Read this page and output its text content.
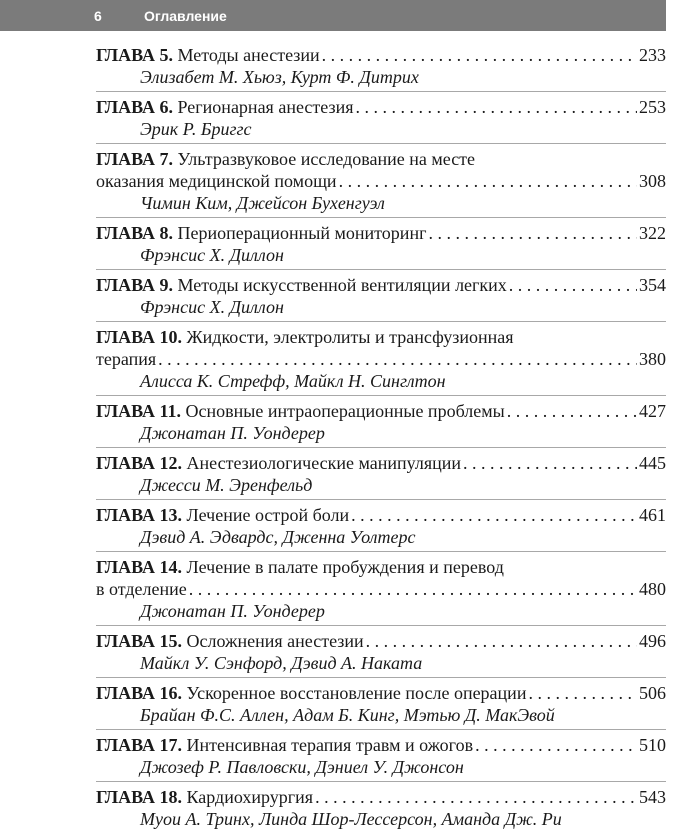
6	Оглавление
ГЛАВА 5. Методы анестезии . . .	233
Элизабет М. Хьюз, Курт Ф. Дитрих
ГЛАВА 6. Регионарная анестезия . . .	253
Эрик Р. Бриггс
ГЛАВА 7. Ультразвуковое исследование на месте
оказания медицинской помощи . . .	308
Чимин Ким, Джейсон Бухенгуэл
ГЛАВА 8. Периоперационный мониторинг . . .	322
Фрэнсис Х. Диллон
ГЛАВА 9. Методы искусственной вентиляции легких . . .	354
Фрэнсис Х. Диллон
ГЛАВА 10. Жидкости, электролиты и трансфузионная
терапия . . .	380
Алисса К. Стрефф, Майкл Н. Синглтон
ГЛАВА 11. Основные интраоперационные проблемы . . .	427
Джонатан П. Уондерер
ГЛАВА 12. Анестезиологические манипуляции . . .	445
Джесси М. Эренфельд
ГЛАВА 13. Лечение острой боли . . .	461
Дэвид А. Эдвардс, Дженна Уолтерс
ГЛАВА 14. Лечение в палате пробуждения и перевод
в отделение . . .	480
Джонатан П. Уондерер
ГЛАВА 15. Осложнения анестезии . . .	496
Майкл У. Сэнфорд, Дэвид А. Наката
ГЛАВА 16. Ускоренное восстановление после операции . . .	506
Брайан Ф.С. Аллен, Адам Б. Кинг, Мэтью Д. МакЭвой
ГЛАВА 17. Интенсивная терапия травм и ожогов . . .	510
Джозеф Р. Павловски, Дэниел У. Джонсон
ГЛАВА 18. Кардиохирургия . . .	543
Муои А. Тринх, Линда Шор-Лессерсон, Аманда Дж. Ри
